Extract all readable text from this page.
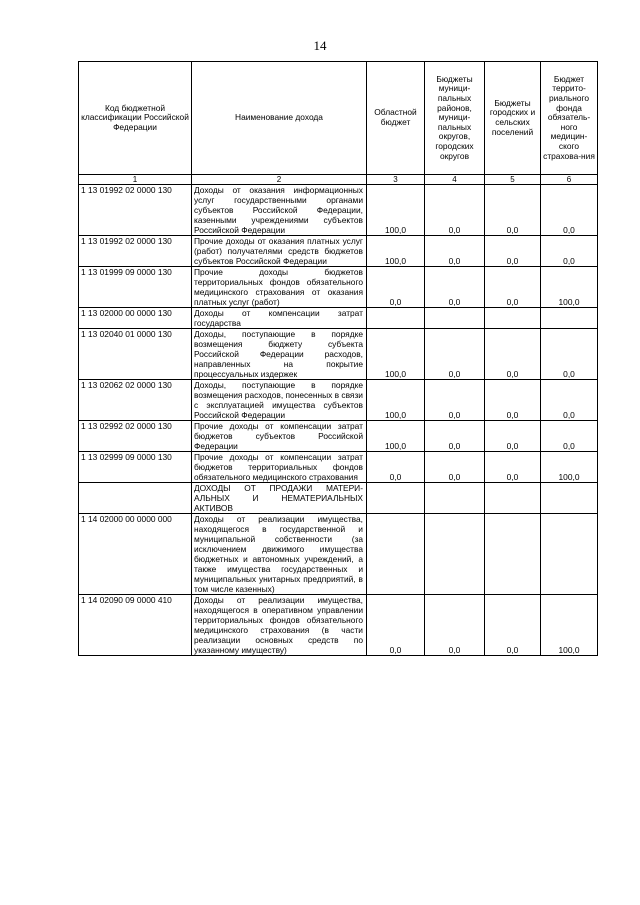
14
Код бюджетной классификации Российской Федерации	Наименование дохода	Областной бюджет	Бюджеты муници-пальных районов, муници-пальных округов, городских округов	Бюджеты городских и сельских поселений	Бюджет террито-риального фонда обязатель-ного медицин-ского страхова-ния
1	2	3	4	5	6
1 13 01992 02 0000 130	Доходы от оказания информационных услуг государственными органами субъектов Российской Федерации, казенными учреждениями субъектов Российской Федерации	100,0	0,0	0,0	0,0
1 13 01992 02 0000 130	Прочие доходы от оказания платных услуг (работ) получателями средств бюджетов субъектов Российской Федерации	100,0	0,0	0,0	0,0
1 13 01999 09 0000 130	Прочие доходы бюджетов территориальных фондов обязательного медицинского страхования от оказания платных услуг (работ)	0,0	0,0	0,0	100,0
1 13 02000 00 0000 130	Доходы от компенсации затрат государства				
1 13 02040 01 0000 130	Доходы, поступающие в порядке возмещения бюджету субъекта Российской Федерации расходов, направленных на покрытие процессуальных издержек	100,0	0,0	0,0	0,0
1 13 02062 02 0000 130	Доходы, поступающие в порядке возмещения расходов, понесенных в связи с эксплуатацией имущества субъектов Российской Федерации	100,0	0,0	0,0	0,0
1 13 02992 02 0000 130	Прочие доходы от компенсации затрат бюджетов субъектов Российской Федерации	100,0	0,0	0,0	0,0
1 13 02999 09 0000 130	Прочие доходы от компенсации затрат бюджетов территориальных фондов обязательного медицинского страхования	0,0	0,0	0,0	100,0
	ДОХОДЫ ОТ ПРОДАЖИ МАТЕРИ-АЛЬНЫХ И НЕМАТЕРИАЛЬНЫХ АКТИВОВ				
1 14 02000 00 0000 000	Доходы от реализации имущества, находящегося в государственной и муниципальной собственности (за исключением движимого имущества бюджетных и автономных учреждений, а также имущества государственных и муниципальных унитарных предприятий, в том числе казенных)				
1 14 02090 09 0000 410	Доходы от реализации имущества, находящегося в оперативном управлении территориальных фондов обязательного медицинского страхования (в части реализации основных средств по указанному имуществу)	0,0	0,0	0,0	100,0
